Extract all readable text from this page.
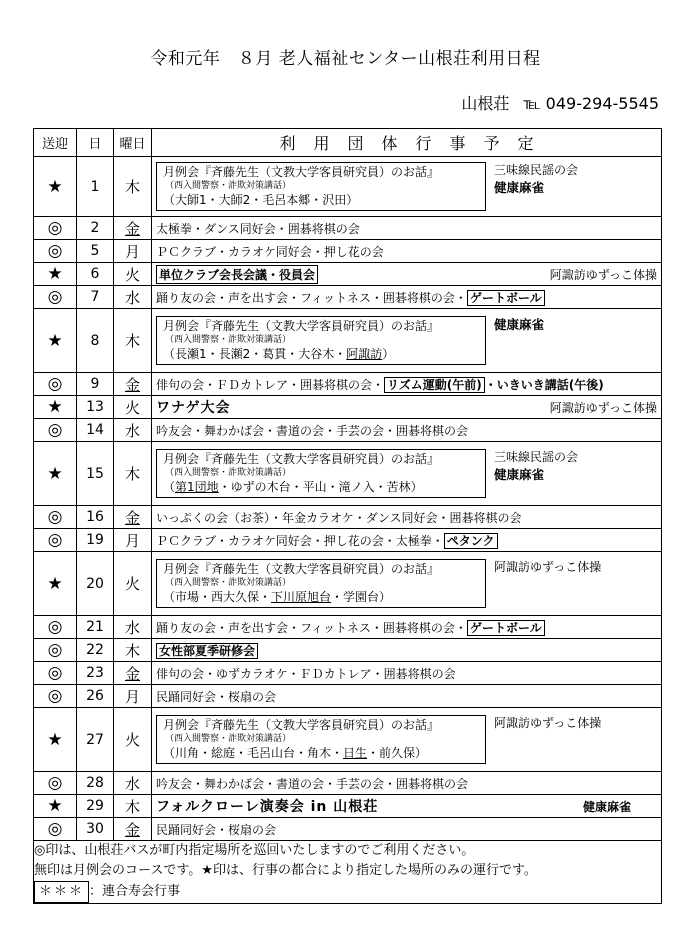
令和元年　８月 老人福祉センター山根荘利用日程
山根荘 ℡ 049-294-5545
送迎	日	曜日	利用団体行事予定
★	1	木	月例会『斉藤先生（文教大学客員研究員）のお話』
（西入間警察・詐欺対策講話）
（大師1・大師2・毛呂本郷・沢田）
三味線民謡の会
健康麻雀

◎	2	金	太極拳・ダンス同好会・囲碁将棋の会
◎	5	月	ＰＣクラブ・カラオケ同好会・押し花の会
★	6	火	単位クラブ会長会議・役員会 阿諏訪ゆずっこ体操

◎	7	水	踊り友の会・声を出す会・フィットネス・囲碁将棋の会・ ゲートボール
★	8	木	月例会『斉藤先生（文教大学客員研究員）のお話』
（西入間警察・詐欺対策講話）
（長瀬1・長瀬2・葛貫・大谷木・阿諏訪）
健康麻雀

◎	9	金	俳句の会・ＦＤカトレア・囲碁将棋の会・ リズム運動(午前) ・いきいき講話(午後)
★	13	火	ワナゲ大会 阿諏訪ゆずっこ体操

◎	14	水	吟友会・舞わかば会・書道の会・手芸の会・囲碁将棋の会
★	15	木	月例会『斉藤先生（文教大学客員研究員）のお話』
（西入間警察・詐欺対策講話）
（第1団地・ゆずの木台・平山・滝ノ入・苦林）
三味線民謡の会
健康麻雀

◎	16	金	いっぷくの会（お茶）・年金カラオケ・ダンス同好会・囲碁将棋の会
◎	19	月	ＰＣクラブ・カラオケ同好会・押し花の会・太極拳・ ペタンク
★	20	火	月例会『斉藤先生（文教大学客員研究員）のお話』
（西入間警察・詐欺対策講話）
（市場・西大久保・下川原旭台・学園台）
阿諏訪ゆずっこ体操

◎	21	水	踊り友の会・声を出す会・フィットネス・囲碁将棋の会・ ゲートボール
◎	22	木	女性部夏季研修会
◎	23	金	俳句の会・ゆずカラオケ・ＦＤカトレア・囲碁将棋の会
◎	26	月	民踊同好会・桜扇の会
★	27	火	月例会『斉藤先生（文教大学客員研究員）のお話』
（西入間警察・詐欺対策講話）
（川角・総庭・毛呂山台・角木・日生・前久保）
阿諏訪ゆずっこ体操

◎	28	水	吟友会・舞わかば会・書道の会・手芸の会・囲碁将棋の会
★	29	木	フォルクローレ演奏会 in 山根荘 健康麻雀

◎	30	金	民踊同好会・桜扇の会

◎印は、山根荘バスが町内指定場所を巡回いたしますのでご利用ください。
無印は月例会のコースです。★印は、行事の都合により指定した場所のみの運行です。
＊＊＊ ：連合寿会行事			
